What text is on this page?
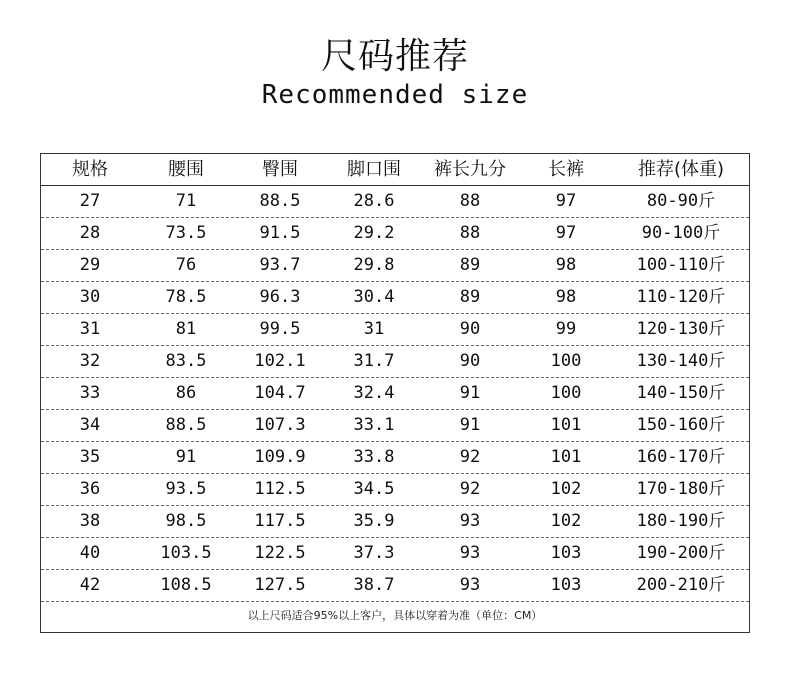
尺码推荐
Recommended size
规格	腰围	臀围	脚口围	裤长九分	长裤	推荐(体重)
27	71	88.5	28.6	88	97	80-90斤
28	73.5	91.5	29.2	88	97	90-100斤
29	76	93.7	29.8	89	98	100-110斤
30	78.5	96.3	30.4	89	98	110-120斤
31	81	99.5	31	90	99	120-130斤
32	83.5	102.1	31.7	90	100	130-140斤
33	86	104.7	32.4	91	100	140-150斤
34	88.5	107.3	33.1	91	101	150-160斤
35	91	109.9	33.8	92	101	160-170斤
36	93.5	112.5	34.5	92	102	170-180斤
38	98.5	117.5	35.9	93	102	180-190斤
40	103.5	122.5	37.3	93	103	190-200斤
42	108.5	127.5	38.7	93	103	200-210斤
以上尺码适合95%以上客户，具体以穿着为准（单位：CM）
